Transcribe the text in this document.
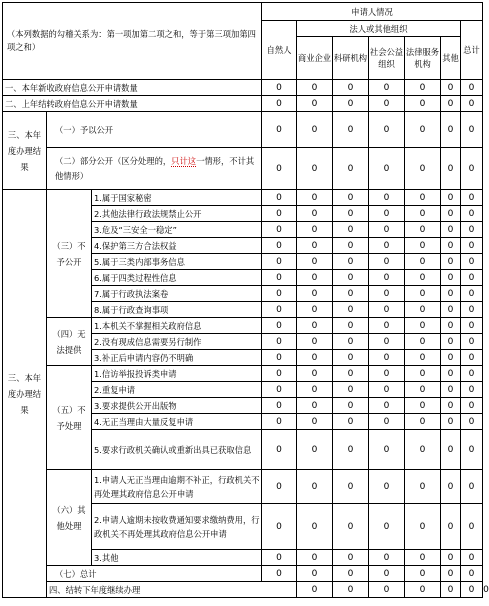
（本列数据的勾稽关系为：第一项加第二项之和，等于第三项加第四项之和）			申请人情况							
			自然人	法人或其他组织					总计	
				商业企业	科研机构	社会公益组织	法律服务机构	其他		
一、本年新收政府信息公开申请数量			0	0	0	0	0	0	0	
二、上年结转政府信息公开申请数量			0	0	0	0	0	0	0	
三、本年度办理结果	（一）予以公开		0	0	0	0	0	0	0	
	（二）部分公开（区分处理的，只计这一情形，不计其他情形）		0	0	0	0	0	0	0	
三、本年度办理结果	（三）不予公开	1.属于国家秘密	0	0	0	0	0	0	0	
		2.其他法律行政法规禁止公开	0	0	0	0	0	0	0	
		3.危及“三安全一稳定”	0	0	0	0	0	0	0	
		4.保护第三方合法权益	0	0	0	0	0	0	0	
		5.属于三类内部事务信息	0	0	0	0	0	0	0	
		6.属于四类过程性信息	0	0	0	0	0	0	0	
		7.属于行政执法案卷	0	0	0	0	0	0	0	
		8.属于行政查询事项	0	0	0	0	0	0	0	
	（四）无法提供	1.本机关不掌握相关政府信息	0	0	0	0	0	0	0	
		2.没有现成信息需要另行制作	0	0	0	0	0	0	0	
		3.补正后申请内容仍不明确	0	0	0	0	0	0	0	
	（五）不予处理	1.信访举报投诉类申请	0	0	0	0	0	0	0	
		2.重复申请	0	0	0	0	0	0	0	
		3.要求提供公开出版物	0	0	0	0	0	0	0	
		4.无正当理由大量反复申请	0	0	0	0	0	0	0	
		5.要求行政机关确认或重新出具已获取信息	0	0	0	0	0	0	0	
	（六）其他处理	1.申请人无正当理由逾期不补正，行政机关不再处理其政府信息公开申请	0	0	0	0	0	0	0	
		2.申请人逾期未按收费通知要求缴纳费用，行政机关不再处理其政府信息公开申请	0	0	0	0	0	0	0	
		3.其他	0	0	0	0	0	0	0	
	（七）总计		0	0	0	0	0	0	0	
	四、结转下年度继续办理			0	0	0	0	0	0	0
